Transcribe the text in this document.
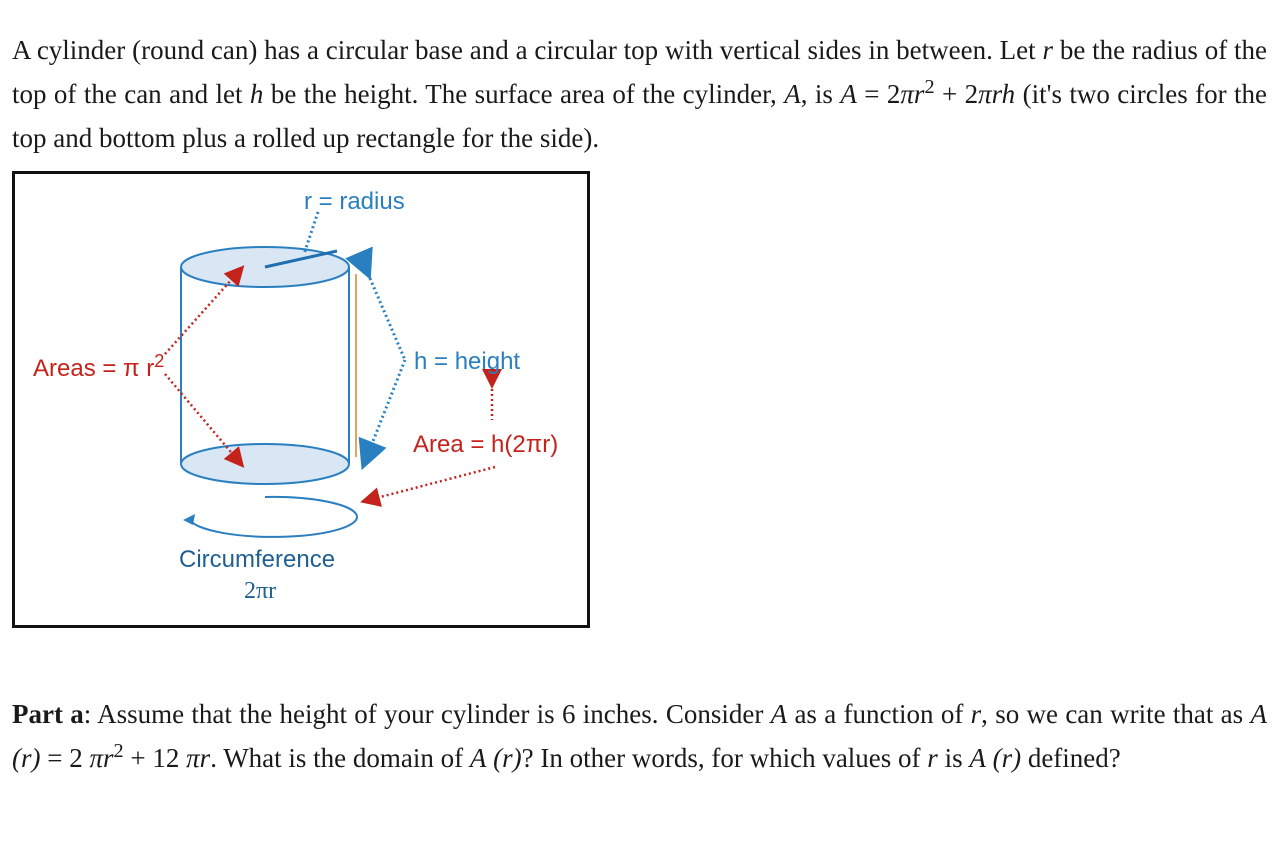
A cylinder (round can) has a circular base and a circular top with vertical sides in between. Let r be the radius of the top of the can and let h be the height. The surface area of the cylinder, A, is $A = 2\pi r^2 + 2\pi rh$ (it's two circles for the top and bottom plus a rolled up rectangle for the side).
r = radius
Areas = π $r^2$	h = height
Area = h(2πr)
Circumference
2πr
Part a: Assume that the height of your cylinder is 6 inches. Consider A as a function of r, so we can write that as A (r) = 2 $\pi r^2 + 12$ πr. What is the domain of A (r)? In other words, for which values of r is A (r) defined?
